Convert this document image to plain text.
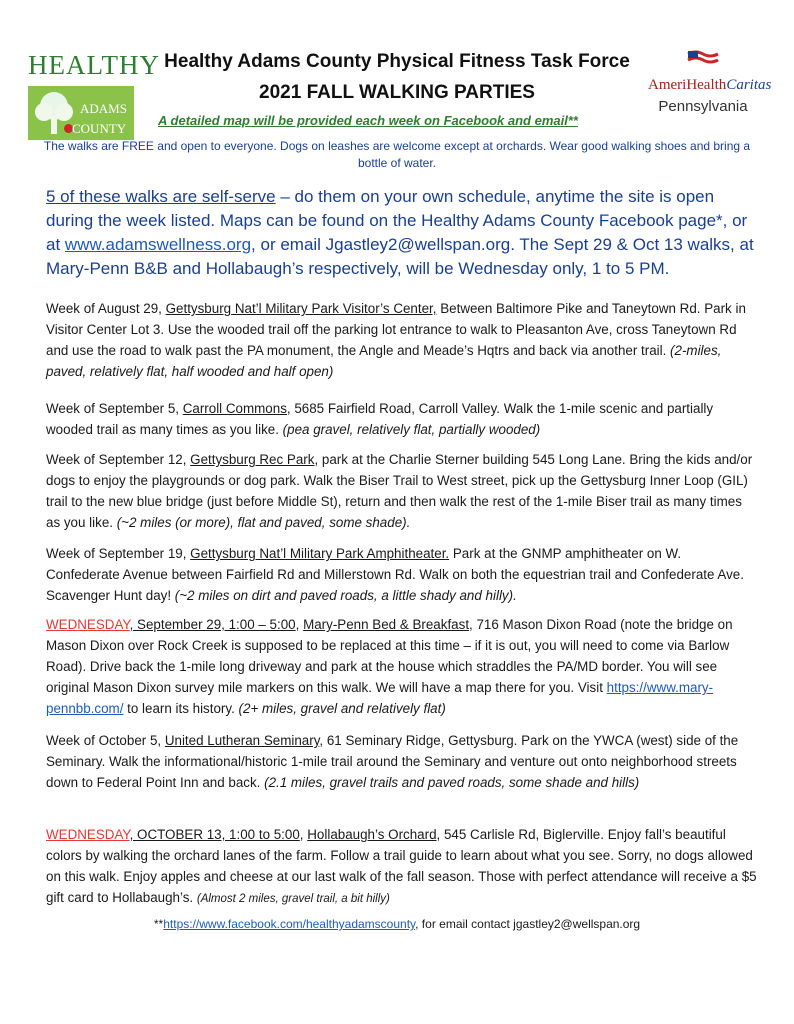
HEALTHY
ADAMS
COUNTY
AmeriHealthCaritas
Pennsylvania
Healthy Adams County Physical Fitness Task Force
2021 FALL WALKING PARTIES
A detailed map will be provided each week on Facebook and email**
The walks are FREE and open to everyone. Dogs on leashes are welcome except at orchards. Wear good walking shoes and bring a bottle of water.
5 of these walks are self-serve – do them on your own schedule, anytime the site is open during the week listed. Maps can be found on the Healthy Adams County Facebook page*, or at www.adamswellness.org, or email Jgastley2@wellspan.org. The Sept 29 & Oct 13 walks, at Mary-Penn B&B and Hollabaugh’s respectively, will be Wednesday only, 1 to 5 PM.
Week of August 29, Gettysburg Nat’l Military Park Visitor’s Center, Between Baltimore Pike and Taneytown Rd. Park in Visitor Center Lot 3. Use the wooded trail off the parking lot entrance to walk to Pleasanton Ave, cross Taneytown Rd and use the road to walk past the PA monument, the Angle and Meade’s Hqtrs and back via another trail. (2-miles, paved, relatively flat, half wooded and half open)
Week of September 5, Carroll Commons, 5685 Fairfield Road, Carroll Valley. Walk the 1-mile scenic and partially wooded trail as many times as you like. (pea gravel, relatively flat, partially wooded)
Week of September 12, Gettysburg Rec Park, park at the Charlie Sterner building 545 Long Lane. Bring the kids and/or dogs to enjoy the playgrounds or dog park. Walk the Biser Trail to West street, pick up the Gettysburg Inner Loop (GIL) trail to the new blue bridge (just before Middle St), return and then walk the rest of the 1-mile Biser trail as many times as you like. (~2 miles (or more), flat and paved, some shade).
Week of September 19, Gettysburg Nat’l Military Park Amphitheater. Park at the GNMP amphitheater on W. Confederate Avenue between Fairfield Rd and Millerstown Rd. Walk on both the equestrian trail and Confederate Ave. Scavenger Hunt day! (~2 miles on dirt and paved roads, a little shady and hilly).
WEDNESDAY, September 29, 1:00 – 5:00, Mary-Penn Bed & Breakfast, 716 Mason Dixon Road (note the bridge on Mason Dixon over Rock Creek is supposed to be replaced at this time – if it is out, you will need to come via Barlow Road). Drive back the 1-mile long driveway and park at the house which straddles the PA/MD border. You will see original Mason Dixon survey mile markers on this walk. We will have a map there for you. Visit https://www.mary-pennbb.com/ to learn its history. (2+ miles, gravel and relatively flat)
Week of October 5, United Lutheran Seminary, 61 Seminary Ridge, Gettysburg. Park on the YWCA (west) side of the Seminary. Walk the informational/historic 1-mile trail around the Seminary and venture out onto neighborhood streets down to Federal Point Inn and back. (2.1 miles, gravel trails and paved roads, some shade and hills)
WEDNESDAY, OCTOBER 13, 1:00 to 5:00, Hollabaugh’s Orchard, 545 Carlisle Rd, Biglerville. Enjoy fall’s beautiful colors by walking the orchard lanes of the farm. Follow a trail guide to learn about what you see. Sorry, no dogs allowed on this walk. Enjoy apples and cheese at our last walk of the fall season. Those with perfect attendance will receive a $5 gift card to Hollabaugh’s. (Almost 2 miles, gravel trail, a bit hilly)
**https://www.facebook.com/healthyadamscounty, for email contact jgastley2@wellspan.org
